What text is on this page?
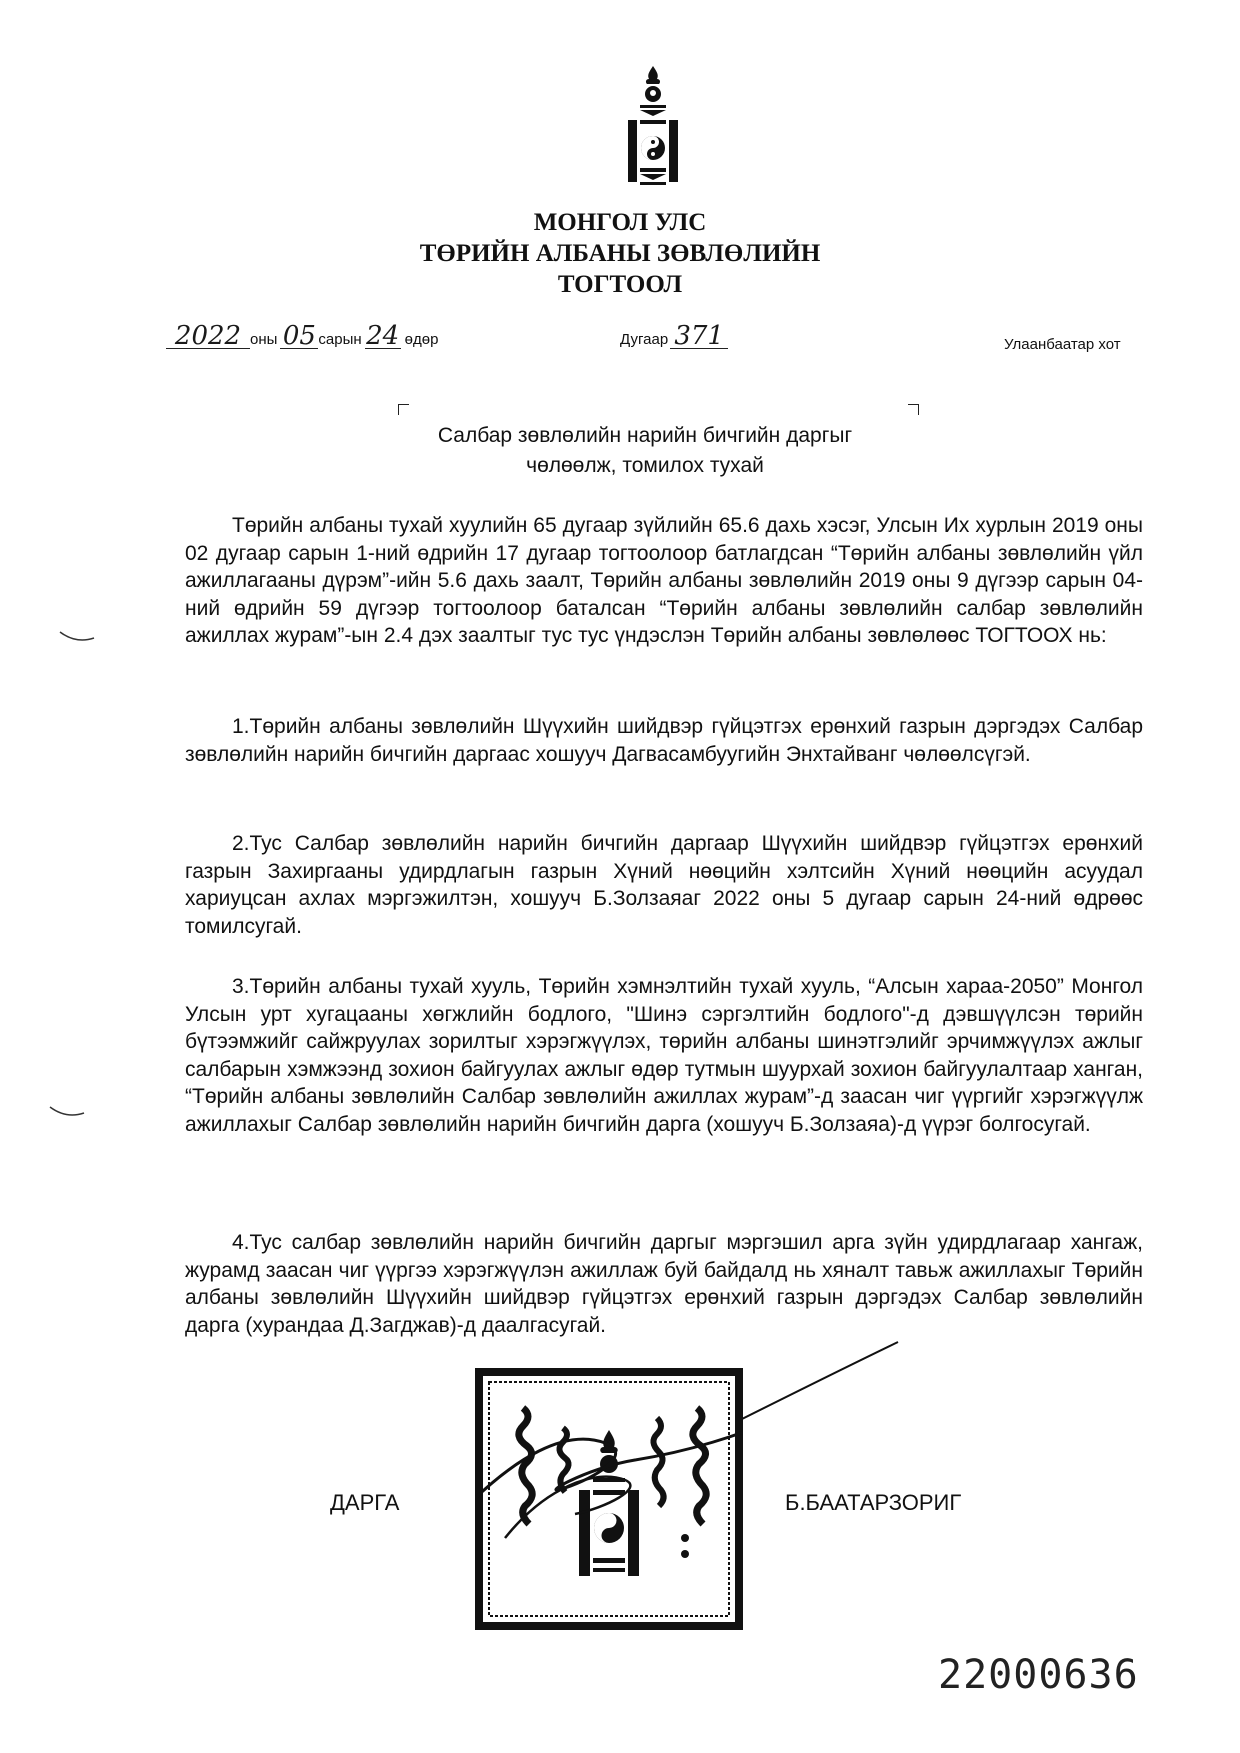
МОНГОЛ УЛС
ТӨРИЙН АЛБАНЫ ЗӨВЛӨЛИЙН
ТОГТООЛ
2022 оны 05 сарын 24 өдөр	Дугаар 371	Улаанбаатар хот
Салбар зөвлөлийн нарийн бичгийн даргыг
чөлөөлж, томилох тухай

Төрийн албаны тухай хуулийн 65 дугаар зүйлийн 65.6 дахь хэсэг, Улсын Их хурлын 2019 оны 02 дугаар сарын 1-ний өдрийн 17 дугаар тогтоолоор батлагдсан “Төрийн албаны зөвлөлийн үйл ажиллагааны дүрэм”-ийн 5.6 дахь заалт, Төрийн албаны зөвлөлийн 2019 оны 9 дүгээр сарын 04-ний өдрийн 59 дүгээр тогтоолоор баталсан “Төрийн албаны зөвлөлийн салбар зөвлөлийн ажиллах журам”-ын 2.4 дэх заалтыг тус тус үндэслэн Төрийн албаны зөвлөлөөс ТОГТООХ нь:

1.Төрийн албаны зөвлөлийн Шүүхийн шийдвэр гүйцэтгэх ерөнхий газрын дэргэдэх Салбар зөвлөлийн нарийн бичгийн даргаас хошууч Дагвасамбуугийн Энхтайванг чөлөөлсүгэй.

2.Тус Салбар зөвлөлийн нарийн бичгийн даргаар Шүүхийн шийдвэр гүйцэтгэх ерөнхий газрын Захиргааны удирдлагын газрын Хүний нөөцийн хэлтсийн Хүний нөөцийн асуудал хариуцсан ахлах мэргэжилтэн, хошууч Б.Золзаяаг 2022 оны 5 дугаар сарын 24-ний өдрөөс томилсугай.

3.Төрийн албаны тухай хууль, Төрийн хэмнэлтийн тухай хууль, “Алсын хараа-2050” Монгол Улсын урт хугацааны хөгжлийн бодлого, "Шинэ сэргэлтийн бодлого"-д дэвшүүлсэн төрийн бүтээмжийг сайжруулах зорилтыг хэрэгжүүлэх, төрийн албаны шинэтгэлийг эрчимжүүлэх ажлыг салбарын хэмжээнд зохион байгуулах ажлыг өдөр тутмын шуурхай зохион байгуулалтаар ханган, “Төрийн албаны зөвлөлийн Салбар зөвлөлийн ажиллах журам”-д заасан чиг үүргийг хэрэгжүүлж ажиллахыг Салбар зөвлөлийн нарийн бичгийн дарга (хошууч Б.Золзаяа)-д үүрэг болгосугай.

4.Тус салбар зөвлөлийн нарийн бичгийн даргыг мэргэшил арга зүйн удирдлагаар хангаж, журамд заасан чиг үүргээ хэрэгжүүлэн ажиллаж буй байдалд нь хяналт тавьж ажиллахыг Төрийн албаны зөвлөлийн Шүүхийн шийдвэр гүйцэтгэх ерөнхий газрын дэргэдэх Салбар зөвлөлийн дарга (хурандаа Д.Загджав)-д даалгасугай.

ДАРГА	Б.БААТАРЗОРИГ
22000636
